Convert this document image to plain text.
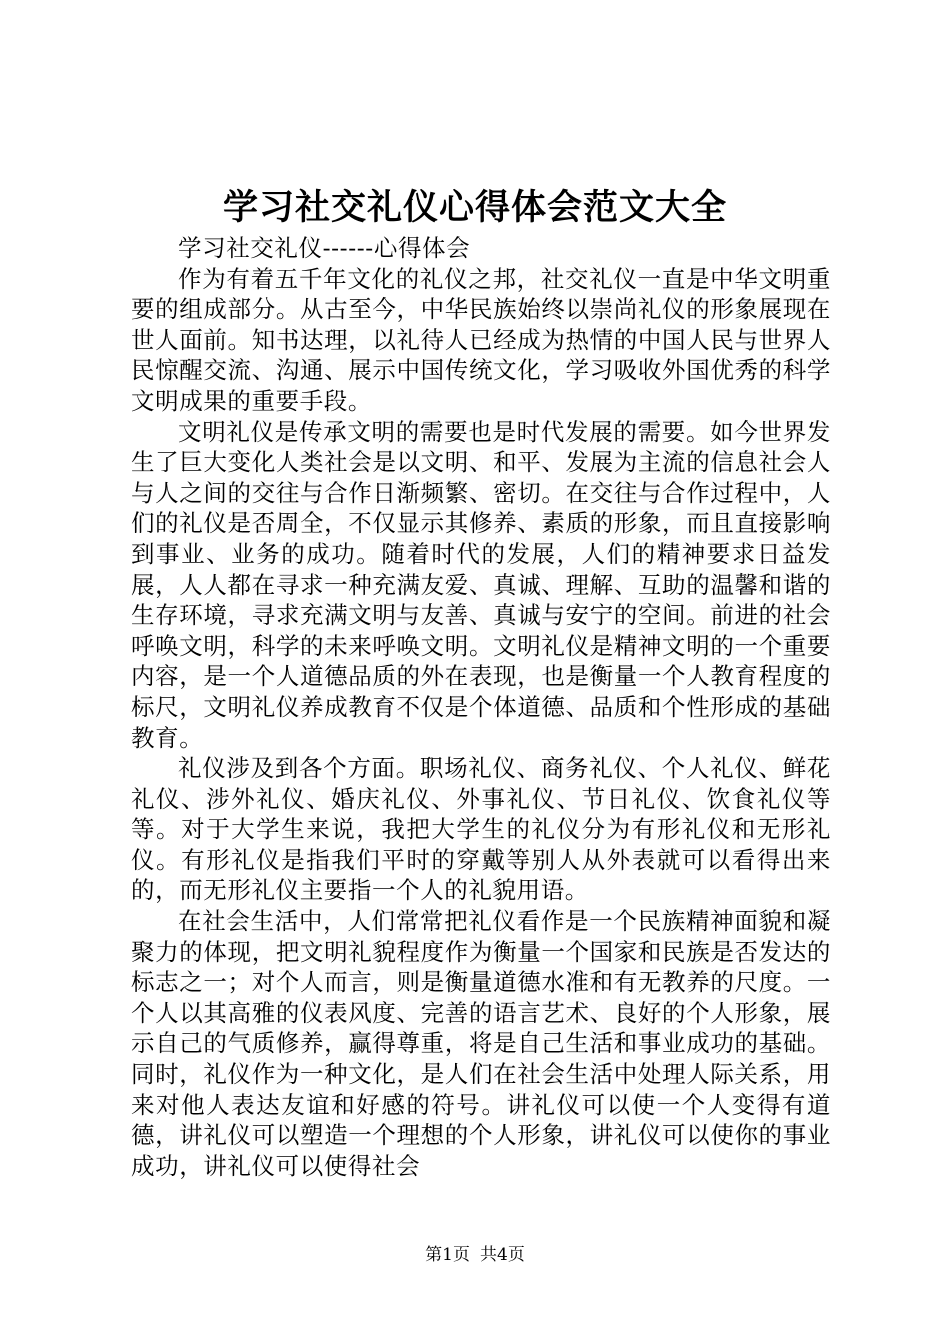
学习社交礼仪心得体会范文大全

学习社交礼仪------心得体会

作为有着五千年文化的礼仪之邦，社交礼仪一直是中华文明重要的组成部分。从古至今，中华民族始终以崇尚礼仪的形象展现在世人面前。知书达理，以礼待人已经成为热情的中国人民与世界人民惊醒交流、沟通、展示中国传统文化，学习吸收外国优秀的科学文明成果的重要手段。

文明礼仪是传承文明的需要也是时代发展的需要。如今世界发生了巨大变化人类社会是以文明、和平、发展为主流的信息社会人与人之间的交往与合作日渐频繁、密切。在交往与合作过程中，人们的礼仪是否周全，不仅显示其修养、素质的形象，而且直接影响到事业、业务的成功。随着时代的发展，人们的精神要求日益发展，人人都在寻求一种充满友爱、真诚、理解、互助的温馨和谐的生存环境，寻求充满文明与友善、真诚与安宁的空间。前进的社会呼唤文明，科学的未来呼唤文明。文明礼仪是精神文明的一个重要内容，是一个人道德品质的外在表现，也是衡量一个人教育程度的标尺，文明礼仪养成教育不仅是个体道德、品质和个性形成的基础教育。

礼仪涉及到各个方面。职场礼仪、商务礼仪、个人礼仪、鲜花礼仪、涉外礼仪、婚庆礼仪、外事礼仪、节日礼仪、饮食礼仪等等。对于大学生来说，我把大学生的礼仪分为有形礼仪和无形礼仪。有形礼仪是指我们平时的穿戴等别人从外表就可以看得出来的，而无形礼仪主要指一个人的礼貌用语。

在社会生活中，人们常常把礼仪看作是一个民族精神面貌和凝聚力的体现，把文明礼貌程度作为衡量一个国家和民族是否发达的标志之一；对个人而言，则是衡量道德水准和有无教养的尺度。一个人以其高雅的仪表风度、完善的语言艺术、良好的个人形象，展示自己的气质修养，赢得尊重，将是自己生活和事业成功的基础。同时，礼仪作为一种文化，是人们在社会生活中处理人际关系，用来对他人表达友谊和好感的符号。讲礼仪可以使一个人变得有道德，讲礼仪可以塑造一个理想的个人形象，讲礼仪可以使你的事业成功，讲礼仪可以使得社会

第1页 共4页
